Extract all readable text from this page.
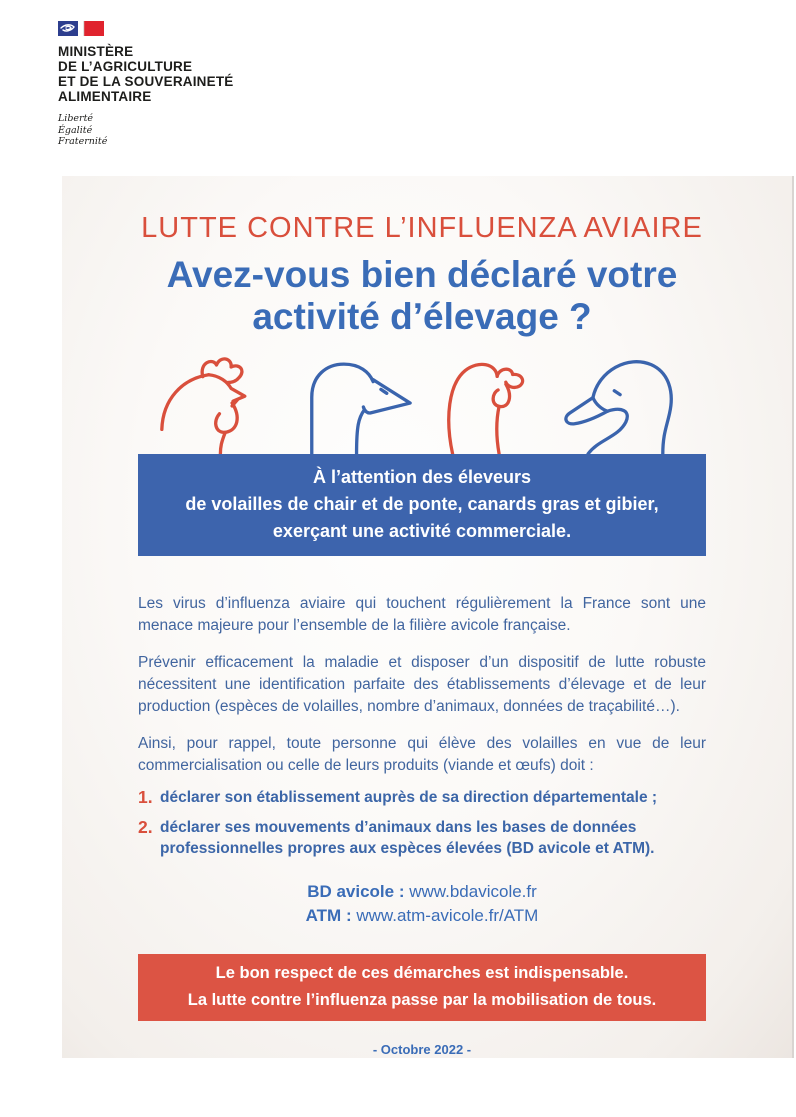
MINISTÈRE
DE L’AGRICULTURE
ET DE LA SOUVERAINETÉ
ALIMENTAIRE
Liberté
Égalité
Fraternité
LUTTE CONTRE L’INFLUENZA AVIAIRE
Avez-vous bien déclaré votre activité d’élevage ?
À l’attention des éleveurs
de volailles de chair et de ponte, canards gras et gibier,
exerçant une activité commerciale.

Les virus d’influenza aviaire qui touchent régulièrement la France sont une menace majeure pour l’ensemble de la filière avicole française.

Prévenir efficacement la maladie et disposer d’un dispositif de lutte robuste nécessitent une identification parfaite des établissements d’élevage et de leur production (espèces de volailles, nombre d’animaux, données de traçabilité…).

Ainsi, pour rappel, toute personne qui élève des volailles en vue de leur commercialisation ou celle de leurs produits (viande et œufs) doit :

1. déclarer son établissement auprès de sa direction départementale ;
2. déclarer ses mouvements d’animaux dans les bases de données professionnelles propres aux espèces élevées (BD avicole et ATM).
BD avicole : www.bdavicole.fr
ATM : www.atm-avicole.fr/ATM
Le bon respect de ces démarches est indispensable.
La lutte contre l’influenza passe par la mobilisation de tous.
- Octobre 2022 -
